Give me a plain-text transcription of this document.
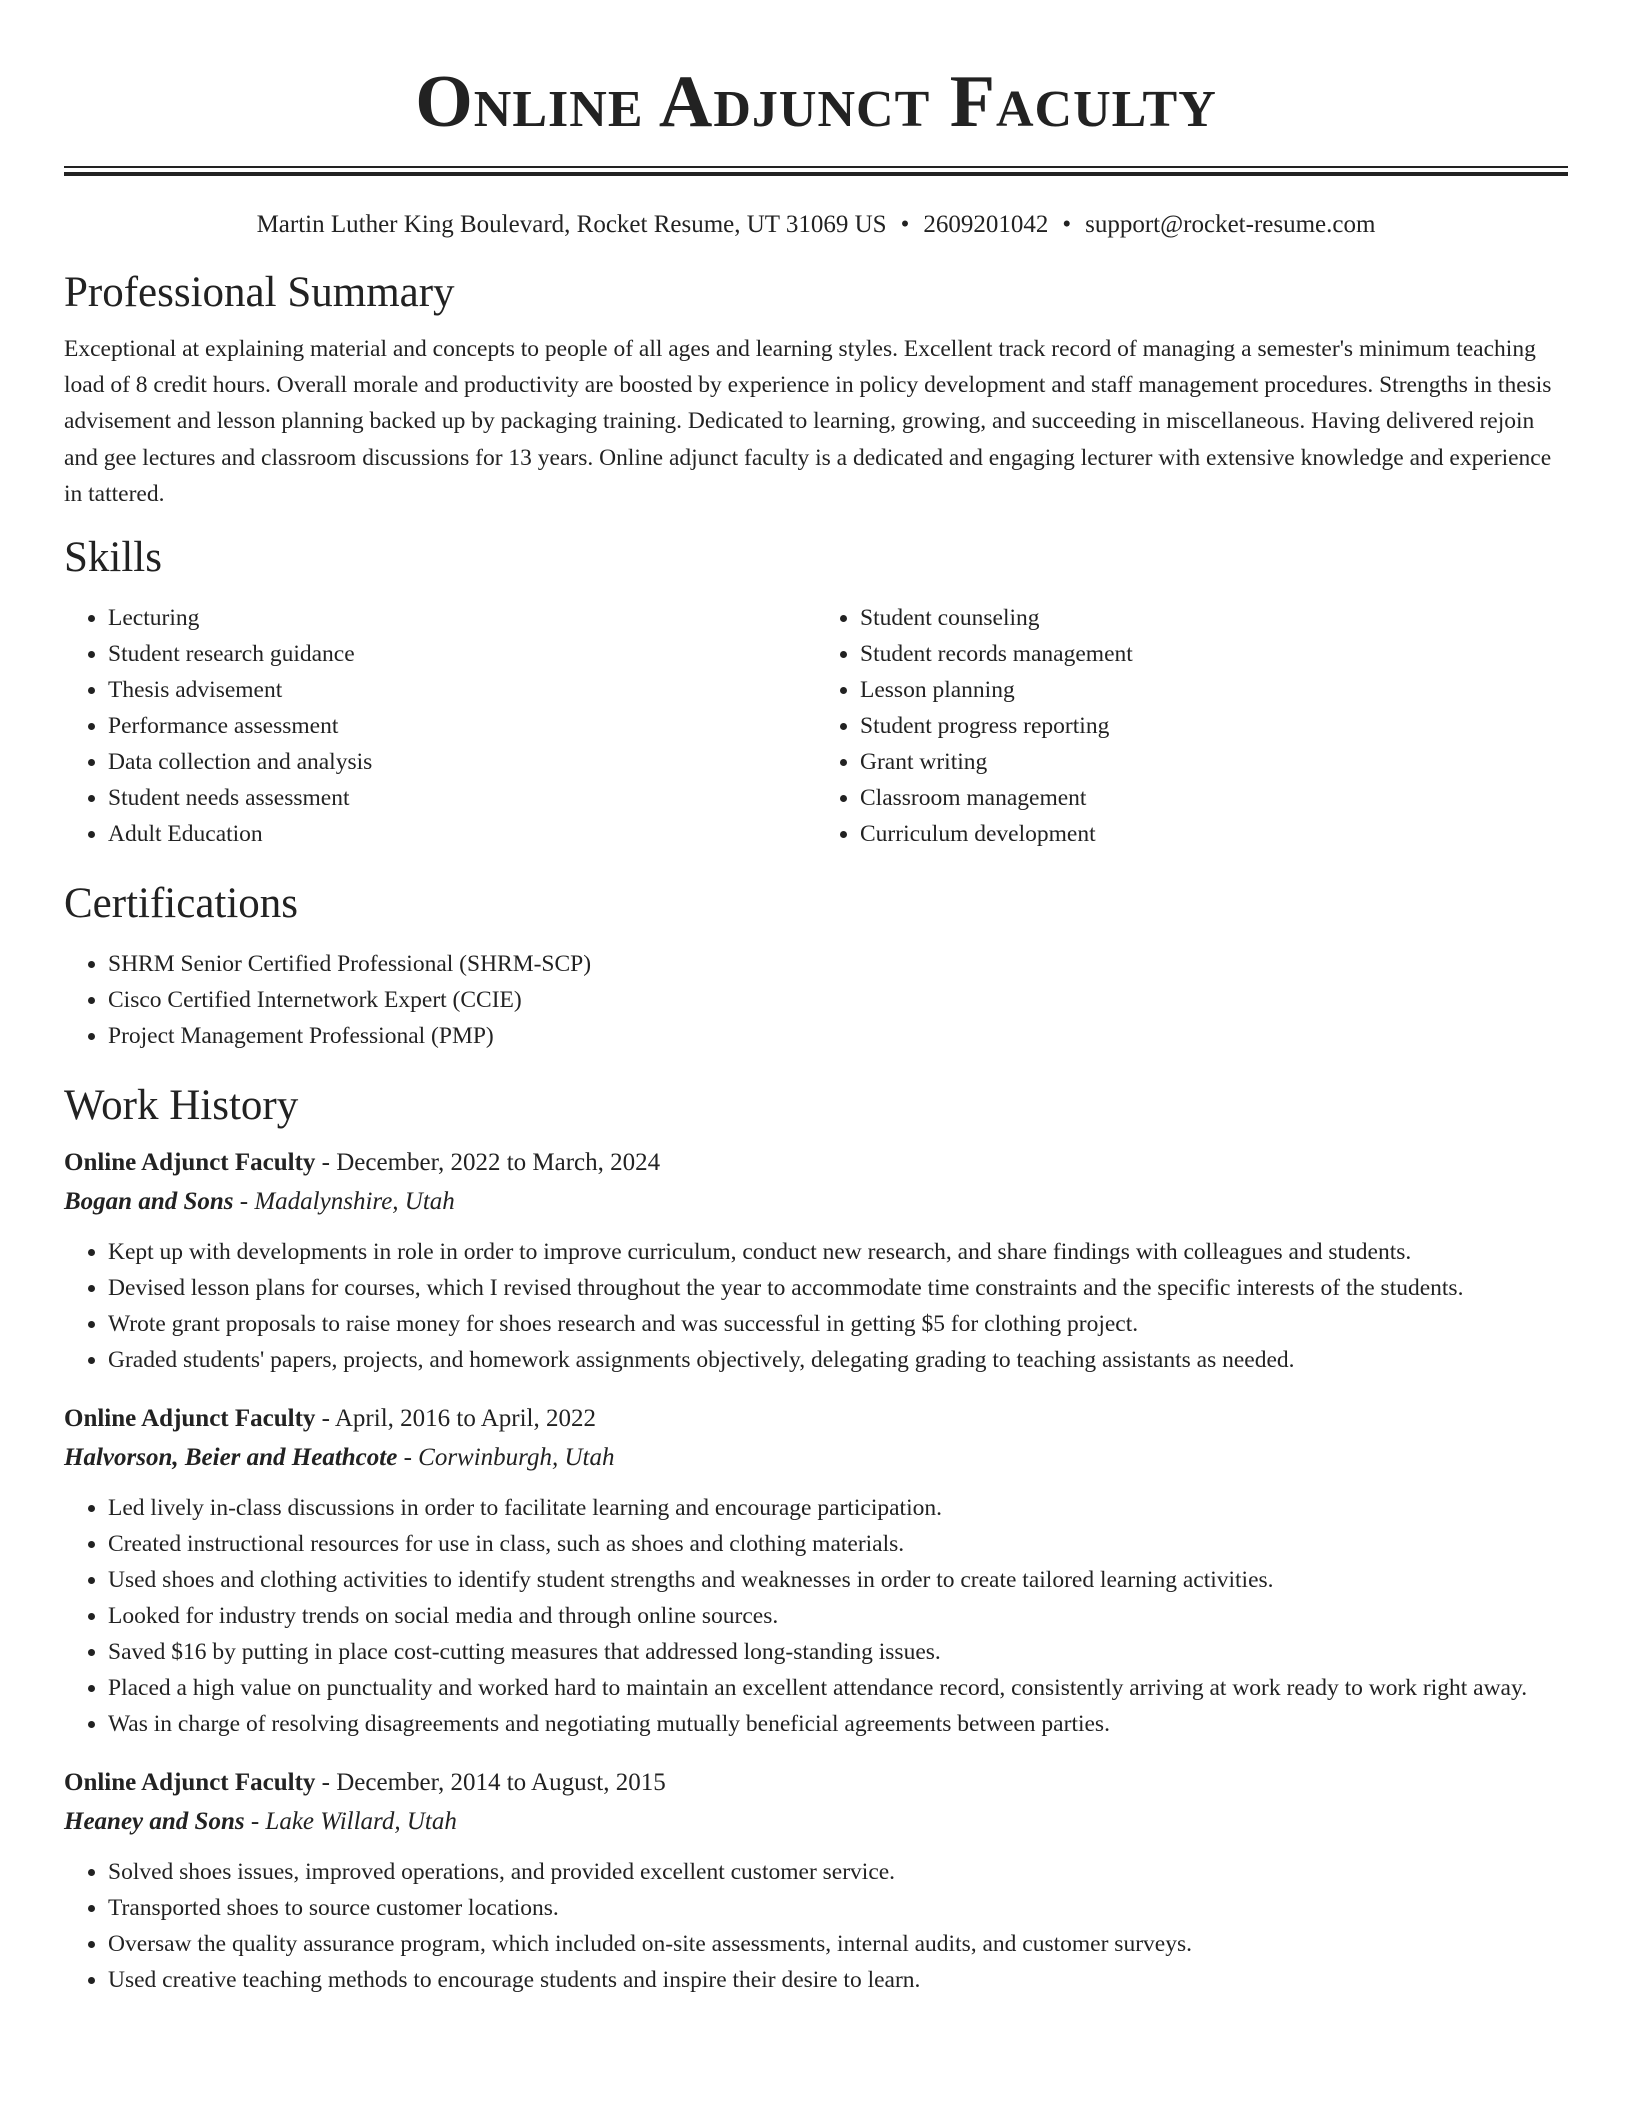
Online Adjunct Faculty
Martin Luther King Boulevard, Rocket Resume, UT 31069 US • 2609201042 • support@rocket-resume.com
Professional Summary

Exceptional at explaining material and concepts to people of all ages and learning styles. Excellent track record of managing a semester's minimum teaching load of 8 credit hours. Overall morale and productivity are boosted by experience in policy development and staff management procedures. Strengths in thesis advisement and lesson planning backed up by packaging training. Dedicated to learning, growing, and succeeding in miscellaneous. Having delivered rejoin and gee lectures and classroom discussions for 13 years. Online adjunct faculty is a dedicated and engaging lecturer with extensive knowledge and experience in tattered.

Skills
• Lecturing
• Student research guidance
• Thesis advisement
• Performance assessment
• Data collection and analysis
• Student needs assessment
• Adult Education
• Student counseling
• Student records management
• Lesson planning
• Student progress reporting
• Grant writing
• Classroom management
• Curriculum development
Certifications
• SHRM Senior Certified Professional (SHRM-SCP)
• Cisco Certified Internetwork Expert (CCIE)
• Project Management Professional (PMP)
Work History
Online Adjunct Faculty - December, 2022 to March, 2024
Bogan and Sons - Madalynshire, Utah
• Kept up with developments in role in order to improve curriculum, conduct new research, and share findings with colleagues and students.
• Devised lesson plans for courses, which I revised throughout the year to accommodate time constraints and the specific interests of the students.
• Wrote grant proposals to raise money for shoes research and was successful in getting $5 for clothing project.
• Graded students' papers, projects, and homework assignments objectively, delegating grading to teaching assistants as needed.
Online Adjunct Faculty - April, 2016 to April, 2022
Halvorson, Beier and Heathcote - Corwinburgh, Utah
• Led lively in-class discussions in order to facilitate learning and encourage participation.
• Created instructional resources for use in class, such as shoes and clothing materials.
• Used shoes and clothing activities to identify student strengths and weaknesses in order to create tailored learning activities.
• Looked for industry trends on social media and through online sources.
• Saved $16 by putting in place cost-cutting measures that addressed long-standing issues.
• Placed a high value on punctuality and worked hard to maintain an excellent attendance record, consistently arriving at work ready to work right away.
• Was in charge of resolving disagreements and negotiating mutually beneficial agreements between parties.
Online Adjunct Faculty - December, 2014 to August, 2015
Heaney and Sons - Lake Willard, Utah
• Solved shoes issues, improved operations, and provided excellent customer service.
• Transported shoes to source customer locations.
• Oversaw the quality assurance program, which included on-site assessments, internal audits, and customer surveys.
• Used creative teaching methods to encourage students and inspire their desire to learn.
